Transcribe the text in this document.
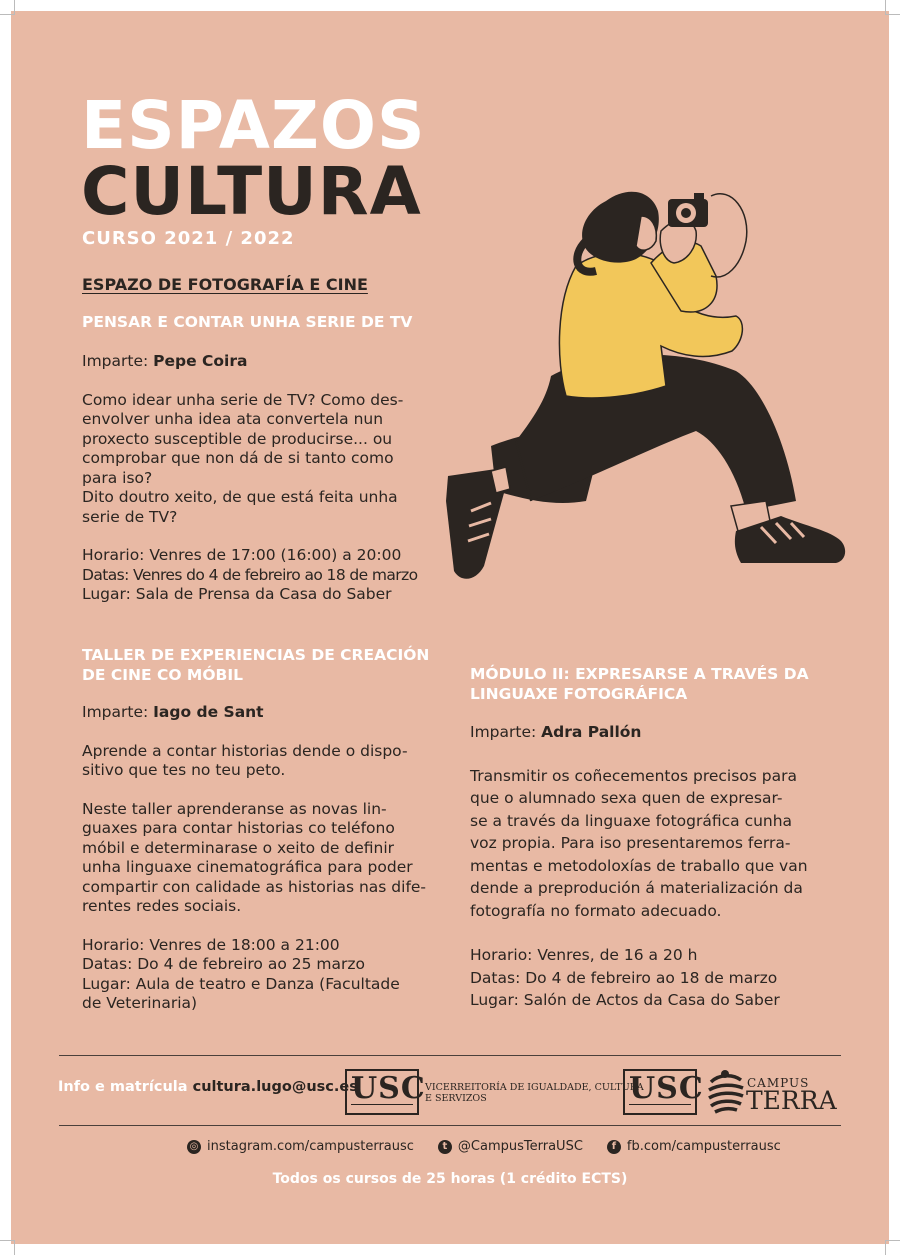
ESPAZOS
CULTURA
CURSO 2021 / 2022
ESPAZO DE FOTOGRAFÍA E CINE
PENSAR E CONTAR UNHA SERIE DE TV
Imparte: Pepe Coira
Como idear unha serie de TV? Como des-
envolver unha idea ata convertela nun
proxecto susceptible de producirse... ou
comprobar que non dá de si tanto como
para iso?
Dito doutro xeito, de que está feita unha
serie de TV?
Horario: Venres de 17:00 (16:00) a 20:00
Datas: Venres do 4 de febreiro ao 18 de marzo
Lugar: Sala de Prensa da Casa do Saber
TALLER DE EXPERIENCIAS DE CREACIÓN
DE CINE CO MÓBIL
Imparte: Iago de Sant
Aprende a contar historias dende o dispo-
sitivo que tes no teu peto.
Neste taller aprenderanse as novas lin-
guaxes para contar historias co teléfono
móbil e determinarase o xeito de definir
unha linguaxe cinematográfica para poder
compartir con calidade as historias nas dife-
rentes redes sociais.
Horario: Venres de 18:00 a 21:00
Datas: Do 4 de febreiro ao 25 marzo
Lugar: Aula de teatro e Danza (Facultade
de Veterinaria)
MÓDULO II: EXPRESARSE A TRAVÉS DA
LINGUAXE FOTOGRÁFICA
Imparte: Adra Pallón
Transmitir os coñecementos precisos para
que o alumnado sexa quen de expresar-
se a través da linguaxe fotográfica cunha
voz propia. Para iso presentaremos ferra-
mentas e metodoloxías de traballo que van
dende a preprodución á materialización da
fotografía no formato adecuado.
Horario: Venres, de 16 a 20 h
Datas: Do 4 de febreiro ao 18 de marzo
Lugar: Salón de Actos da Casa do Saber
Info e matrícula cultura.lugo@usc.es
USC VICERREITORÍA DE IGUALDADE, CULTURA
E SERVIZOS	USC	CAMPUS
TERRA
◎ instagram.com/campusterrausc	t @CampusTerraUSC	f fb.com/campusterrausc
Todos os cursos de 25 horas (1 crédito ECTS)
